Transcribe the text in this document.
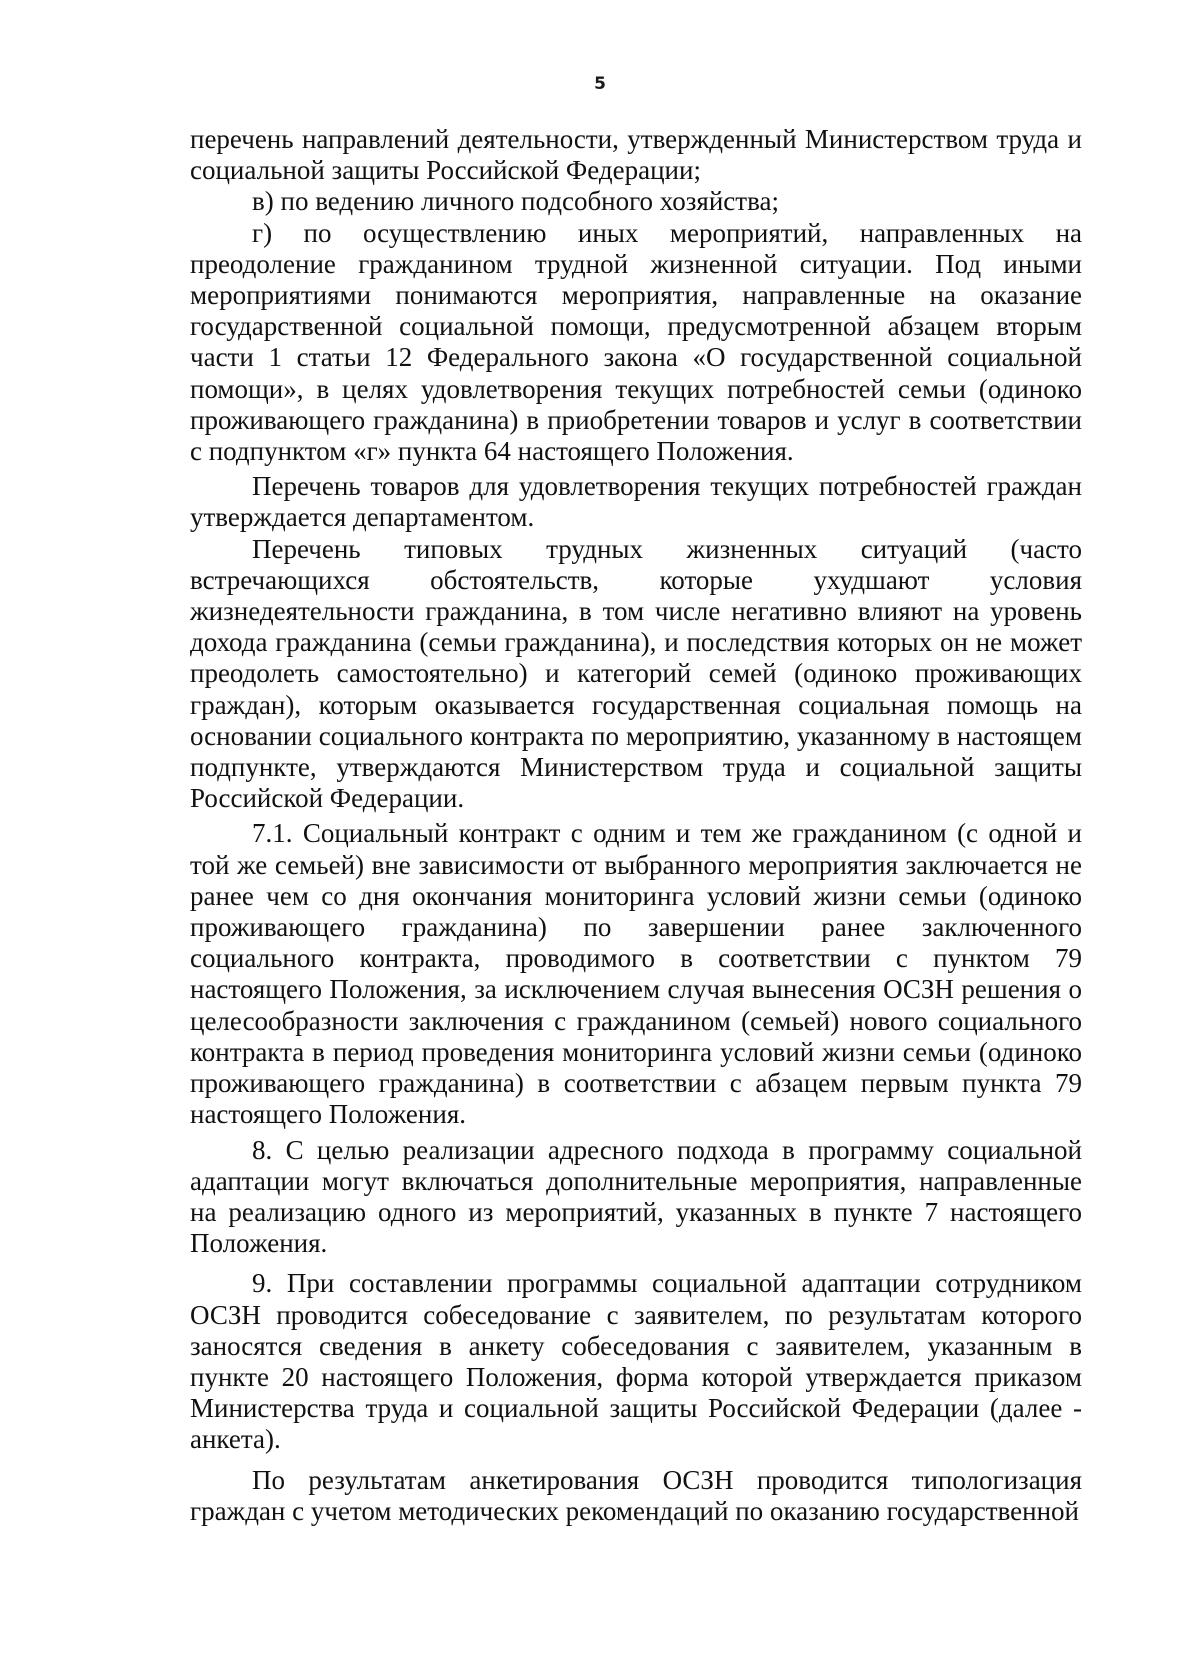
5

перечень направлений деятельности, утвержденный Министерством труда и социальной защиты Российской Федерации;

в) по ведению личного подсобного хозяйства;

г) по осуществлению иных мероприятий, направленных на преодоление гражданином трудной жизненной ситуации. Под иными мероприятиями понимаются мероприятия, направленные на оказание государственной социальной помощи, предусмотренной абзацем вторым части 1 статьи 12 Федерального закона «О государственной социальной помощи», в целях удовлетворения текущих потребностей семьи (одиноко проживающего гражданина) в приобретении товаров и услуг в соответствии с подпунктом «г» пункта 64 настоящего Положения.

Перечень товаров для удовлетворения текущих потребностей граждан утверждается департаментом.

Перечень типовых трудных жизненных ситуаций (часто встречающихся обстоятельств, которые ухудшают условия жизнедеятельности гражданина, в том числе негативно влияют на уровень дохода гражданина (семьи гражданина), и последствия которых он не может преодолеть самостоятельно) и категорий семей (одиноко проживающих граждан), которым оказывается государственная социальная помощь на основании социального контракта по мероприятию, указанному в настоящем подпункте, утверждаются Министерством труда и социальной защиты Российской Федерации.

7.1. Социальный контракт с одним и тем же гражданином (с одной и той же семьей) вне зависимости от выбранного мероприятия заключается не ранее чем со дня окончания мониторинга условий жизни семьи (одиноко проживающего гражданина) по завершении ранее заключенного социального контракта, проводимого в соответствии с пунктом 79 настоящего Положения, за исключением случая вынесения ОСЗН решения о целесообразности заключения с гражданином (семьей) нового социального контракта в период проведения мониторинга условий жизни семьи (одиноко проживающего гражданина) в соответствии с абзацем первым пункта 79 настоящего Положения.

8. С целью реализации адресного подхода в программу социальной адаптации могут включаться дополнительные мероприятия, направленные на реализацию одного из мероприятий, указанных в пункте 7 настоящего Положения.

9. При составлении программы социальной адаптации сотрудником ОСЗН проводится собеседование с заявителем, по результатам которого заносятся сведения в анкету собеседования с заявителем, указанным в пункте 20 настоящего Положения, форма которой утверждается приказом Министерства труда и социальной защиты Российской Федерации (далее - анкета).

По результатам анкетирования ОСЗН проводится типологизация граждан с учетом методических рекомендаций по оказанию государственной
